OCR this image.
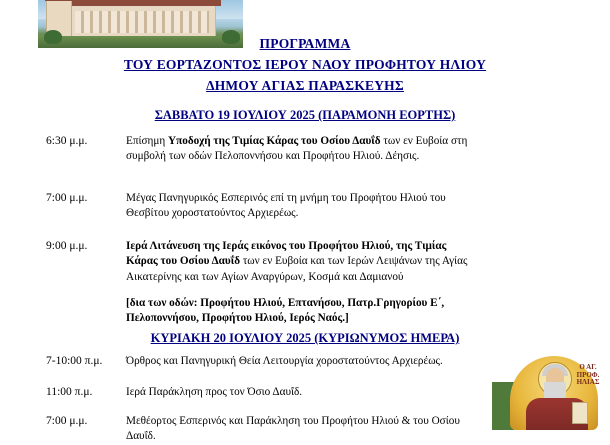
ΠΡΟΓΡΑΜΜΑ
ΤΟΥ ΕΟΡΤΑΖΟΝΤΟΣ ΙΕΡΟΥ ΝΑΟΥ ΠΡΟΦΗΤΟΥ ΗΛΙΟΥ
ΔΗΜΟΥ ΑΓΙΑΣ ΠΑΡΑΣΚΕΥΗΣ
ΣΑΒΒΑΤΟ 19 ΙΟΥΛΙΟΥ 2025 (ΠΑΡΑΜΟΝΗ ΕΟΡΤΗΣ)
6:30 μ.μ.	Επίσημη Υποδοχή της Τιμίας Κάρας του Οσίου Δαυΐδ των εν Ευβοία στη συμβολή των οδών Πελοποννήσου και Προφήτου Ηλιού. Δέησις.
7:00 μ.μ.	Μέγας Πανηγυρικός Εσπερινός επί τη μνήμη του Προφήτου Ηλιού του Θεσβίτου χοροστατούντος Αρχιερέως.
9:00 μ.μ.	Ιερά Λιτάνευση της Ιεράς εικόνος του Προφήτου Ηλιού, της Τιμίας Κάρας του Οσίου Δαυΐδ των εν Ευβοία και των Ιερών Λειψάνων της Αγίας Αικατερίνης και των Αγίων Αναργύρων, Κοσμά και Δαμιανού
[δια των οδών: Προφήτου Ηλιού, Επτανήσου, Πατρ.Γρηγορίου Ε΄, Πελοποννήσου, Προφήτου Ηλιού, Ιερός Ναός.]
ΚΥΡΙΑΚΗ 20 ΙΟΥΛΙΟΥ 2025 (ΚΥΡΙΩΝΥΜΟΣ ΗΜΕΡΑ)
7-10:00 π.μ.	Όρθρος και Πανηγυρική Θεία Λειτουργία χοροστατούντος Αρχιερέως.
11:00 π.μ.	Ιερά Παράκληση προς τον Όσιο Δαυΐδ.
7:00 μ.μ.	Μεθέορτος Εσπερινός και Παράκληση του Προφήτου Ηλιού & του Οσίου Δαυΐδ.
Ο ΑΓ. ΠΡΟΦ. ΗΛΙΑΣ
